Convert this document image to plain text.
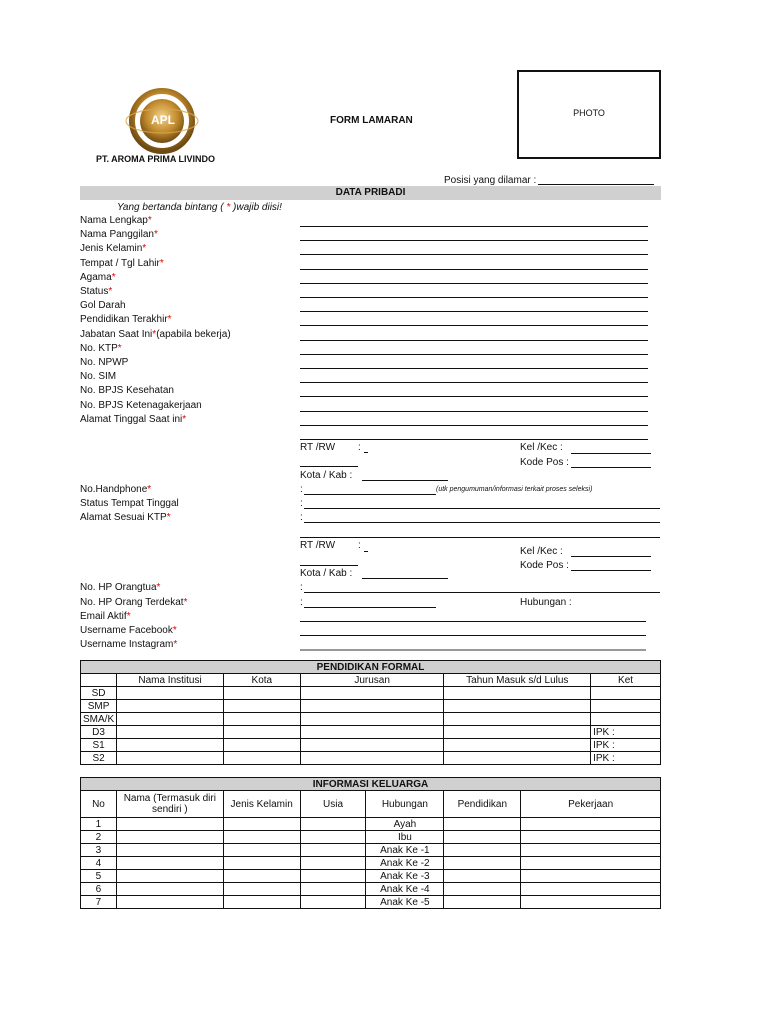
APL
PT. AROMA PRIMA LIVINDO
FORM LAMARAN
PHOTO
Posisi yang dilamar :
DATA PRIBADI
Yang bertanda bintang ( * )wajib diisi!
Nama Lengkap*
Nama Panggilan*
Jenis Kelamin*
Tempat / Tgl Lahir*
Agama*
Status*
Gol Darah
Pendidikan Terakhir*
Jabatan Saat Ini*(apabila bekerja)
No. KTP*
No. NPWP
No. SIM
No. BPJS Kesehatan
No. BPJS Ketenagakerjaan
Alamat Tinggal Saat ini*
RT /RW :	Kel /Kec :
Kode Pos :
Kota / Kab :
No.Handphone*	:	(utk pengumuman/informasi terkait proses seleksi)
Status Tempat Tinggal	:
Alamat Sesuai KTP*	:
RT /RW :
Kel /Kec :
Kode Pos :
Kota / Kab :
No. HP Orangtua*	:
No. HP Orang Terdekat*	:	Hubungan :
Email Aktif*
Username Facebook*
Username Instagram*
PENDIDIKAN FORMAL					
	Nama Institusi	Kota	Jurusan	Tahun Masuk s/d Lulus	Ket
SD					
SMP					
SMA/K					
D3					IPK :
S1					IPK :
S2					IPK :
INFORMASI KELUARGA						
No	Nama (Termasuk diri sendiri )	Jenis Kelamin	Usia	Hubungan	Pendidikan	Pekerjaan
1				Ayah		
2				Ibu		
3				Anak Ke -1		
4				Anak Ke -2		
5				Anak Ke -3		
6				Anak Ke -4		
7				Anak Ke -5		
